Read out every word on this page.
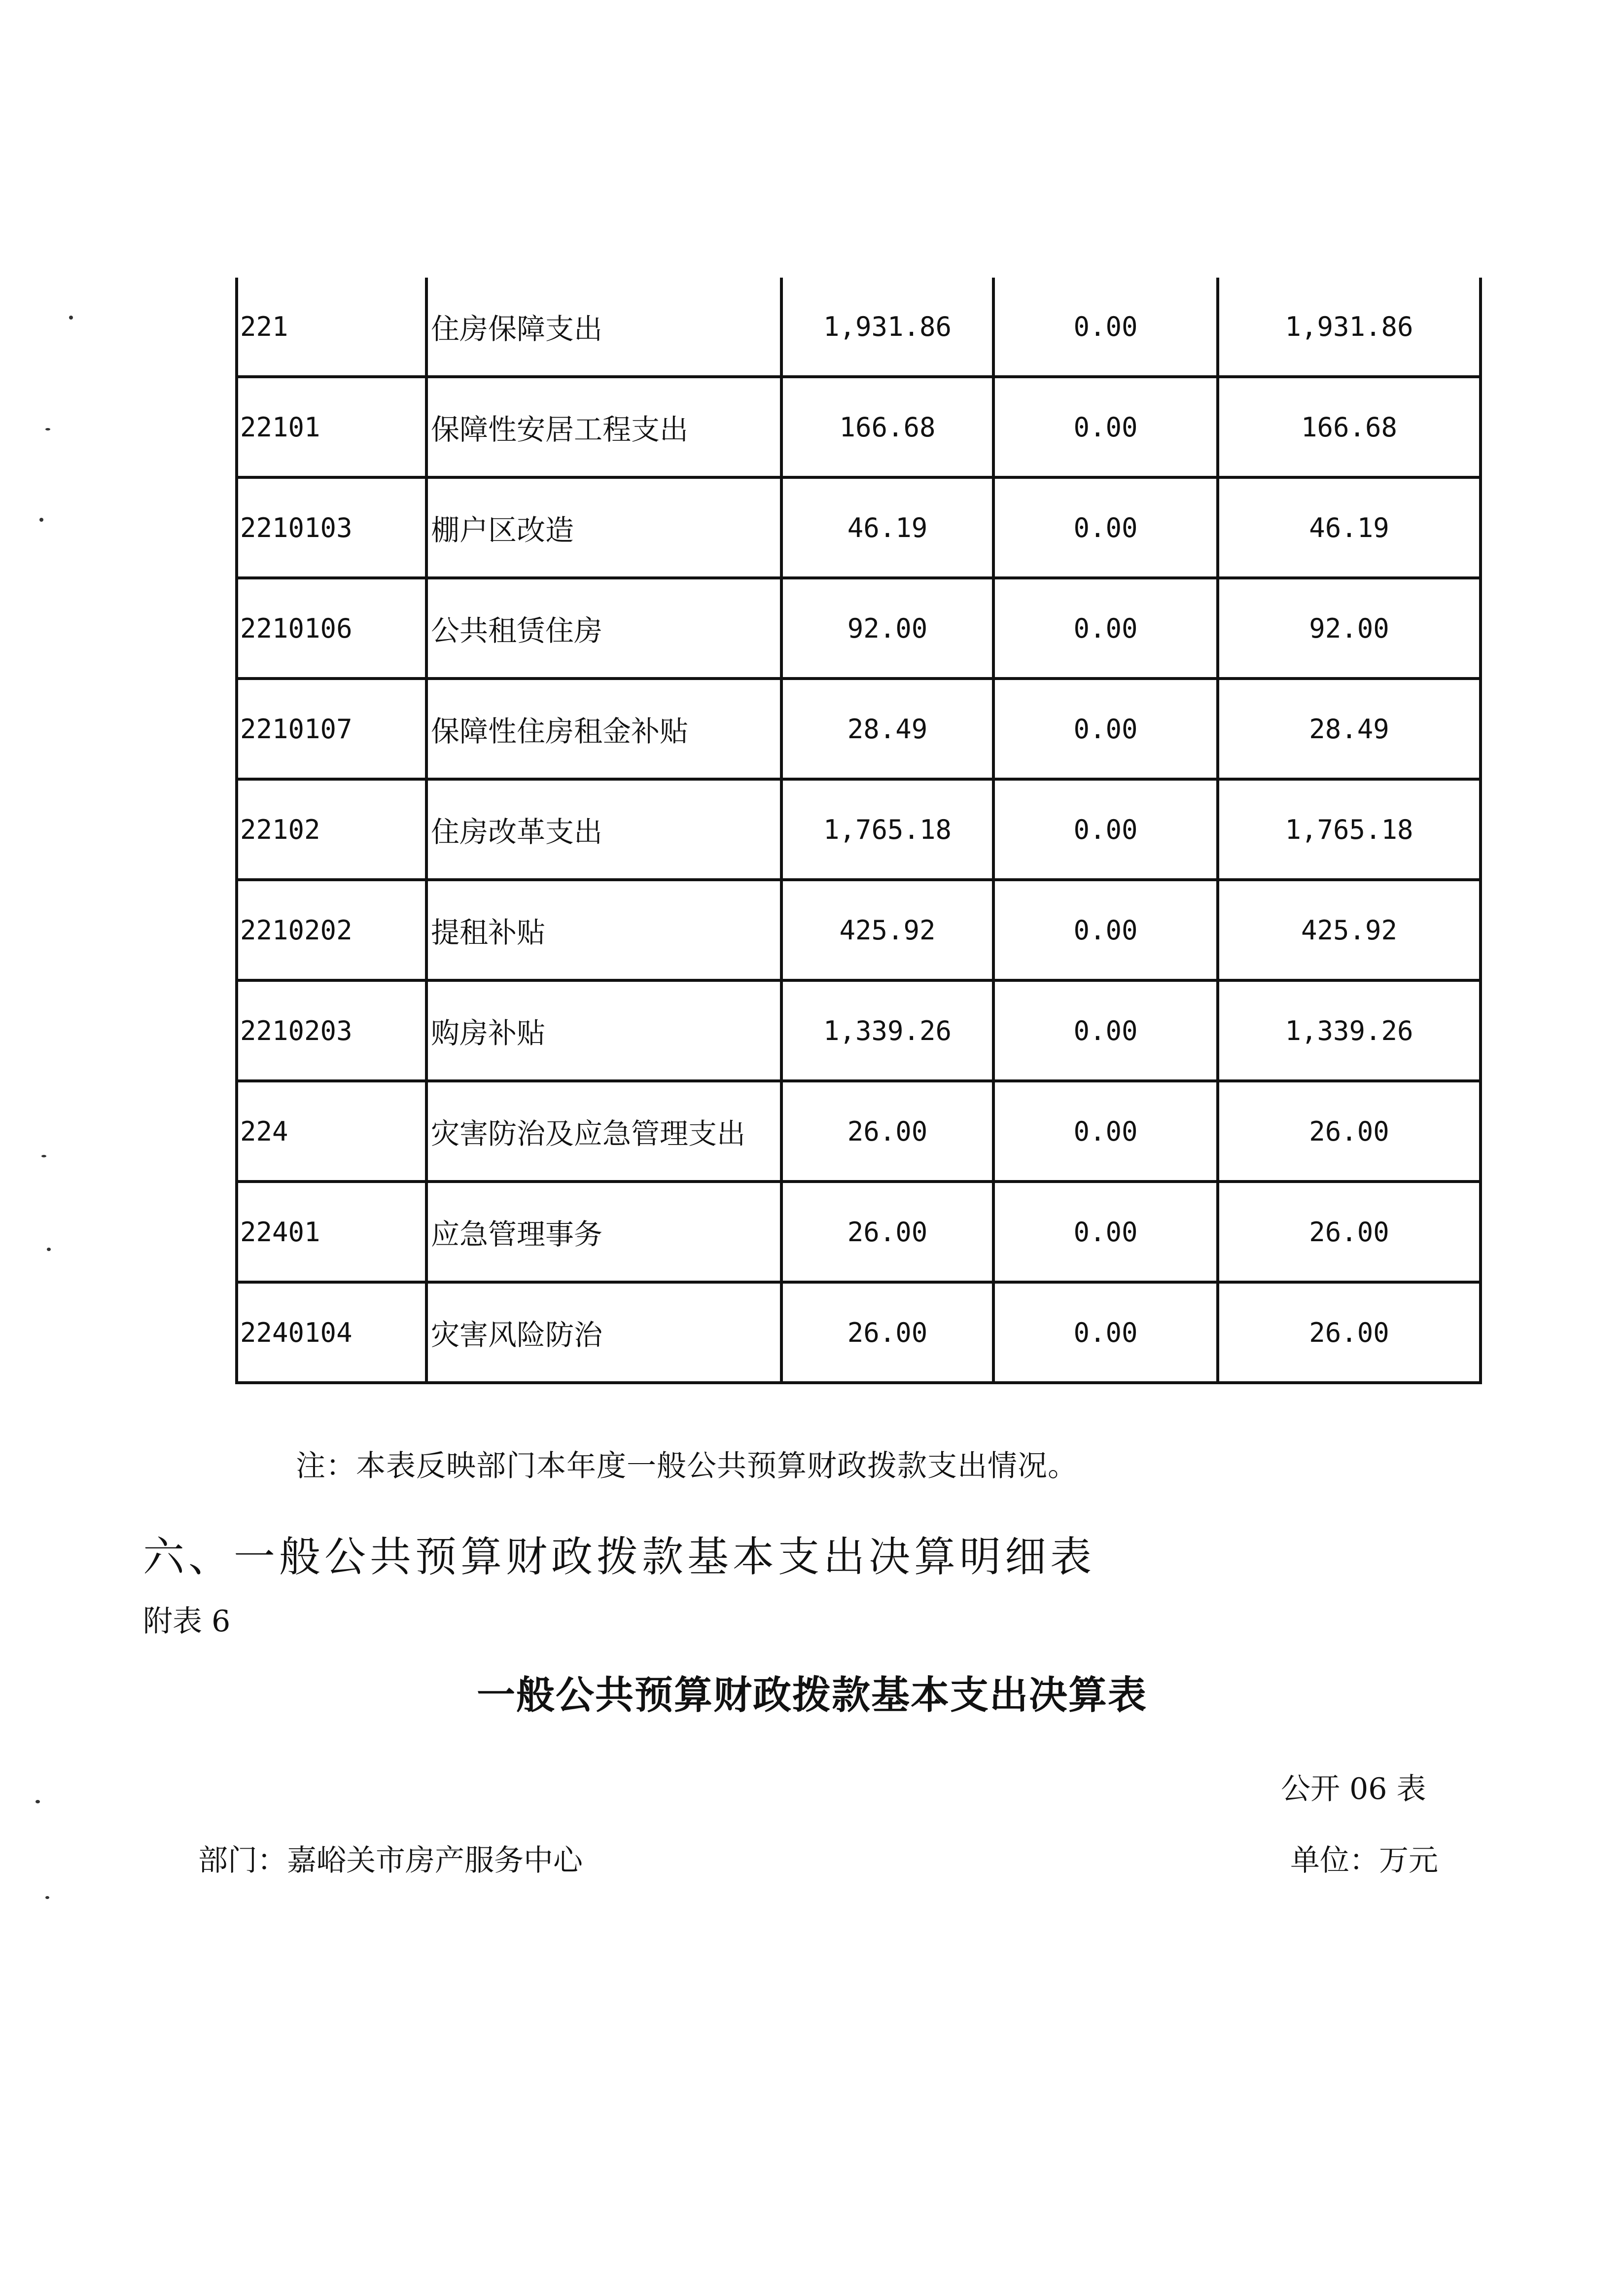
221	住房保障支出	1,931.86	0.00	1,931.86
22101	保障性安居工程支出	166.68	0.00	166.68
2210103	棚户区改造	46.19	0.00	46.19
2210106	公共租赁住房	92.00	0.00	92.00
2210107	保障性住房租金补贴	28.49	0.00	28.49
22102	住房改革支出	1,765.18	0.00	1,765.18
2210202	提租补贴	425.92	0.00	425.92
2210203	购房补贴	1,339.26	0.00	1,339.26
224	灾害防治及应急管理支出	26.00	0.00	26.00
22401	应急管理事务	26.00	0.00	26.00
2240104	灾害风险防治	26.00	0.00	26.00
注：本表反映部门本年度一般公共预算财政拨款支出情况。
六、一般公共预算财政拨款基本支出决算明细表
附表 6
一般公共预算财政拨款基本支出决算表
公开 06 表
部门：嘉峪关市房产服务中心	单位：万元
